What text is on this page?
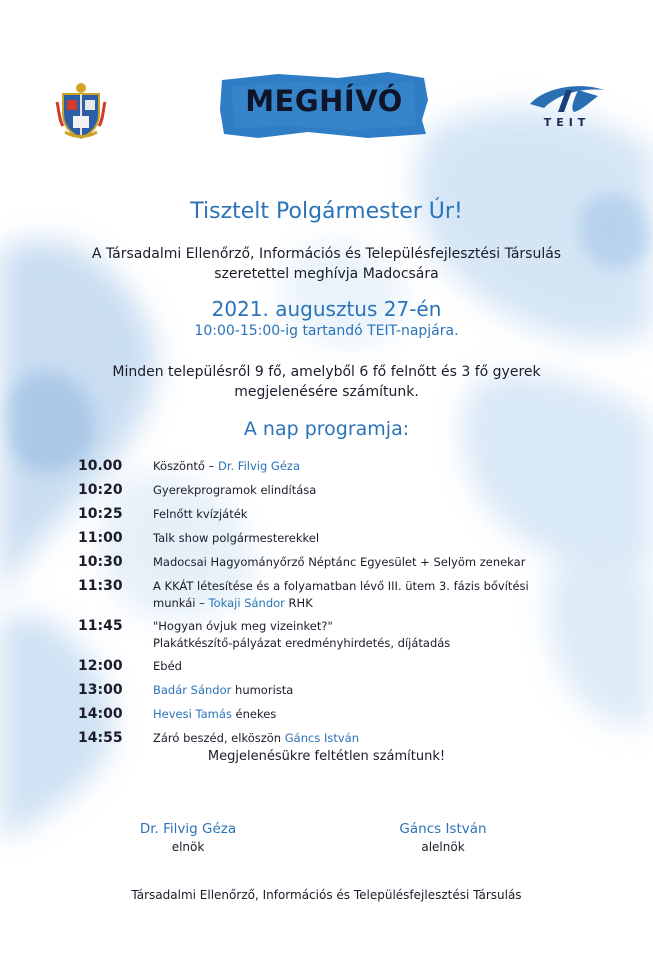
MEGHÍVÓ
TEIT
Tisztelt Polgármester Úr!
A Társadalmi Ellenőrző, Információs és Településfejlesztési Társulás
szeretettel meghívja Madocsára
2021. augusztus 27-én
10:00-15:00-ig tartandó TEIT-napjára.
Minden településről 9 fő, amelyből 6 fő felnőtt és 3 fő gyerek
megjelenésére számítunk.
A nap programja:
10.00	Köszöntő – Dr. Filvig Géza
10:20	Gyerekprogramok elindítása
10:25	Felnőtt kvízjáték
11:00	Talk show polgármesterekkel
10:30	Madocsai Hagyományőrző Néptánc Egyesület + Selyöm zenekar
11:30	A KKÁT létesítése és a folyamatban lévő III. ütem 3. fázis bővítési
munkái – Tokaji Sándor RHK
11:45	"Hogyan óvjuk meg vizeinket?"
Plakátkészítő-pályázat eredményhirdetés, díjátadás
12:00	Ebéd
13:00	Badár Sándor humorista
14:00	Hevesi Tamás énekes
14:55	Záró beszéd, elköszön Gáncs István
Megjelenésükre feltétlen számítunk!
Dr. Filvig Géza
elnök
Gáncs István
alelnök
Társadalmi Ellenőrző, Információs és Településfejlesztési Társulás
